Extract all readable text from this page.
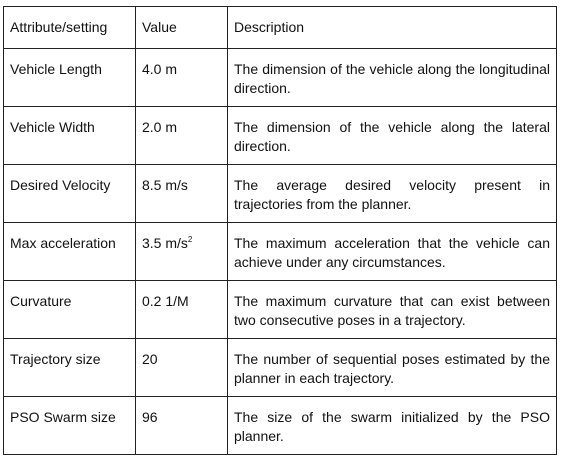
Attribute/setting	Value	Description
Vehicle Length	4.0 m	The dimension of the vehicle along the longitudinal direction.
Vehicle Width	2.0 m	The dimension of the vehicle along the lateral direction.
Desired Velocity	8.5 m/s	The average desired velocity present in trajectories from the planner.
Max acceleration	3.5 $m/s^2$	The maximum acceleration that the vehicle can achieve under any circumstances.
Curvature	0.2 1/M	The maximum curvature that can exist between two consecutive poses in a trajectory.
Trajectory size	20	The number of sequential poses estimated by the planner in each trajectory.
PSO Swarm size	96	The size of the swarm initialized by the PSO planner.
